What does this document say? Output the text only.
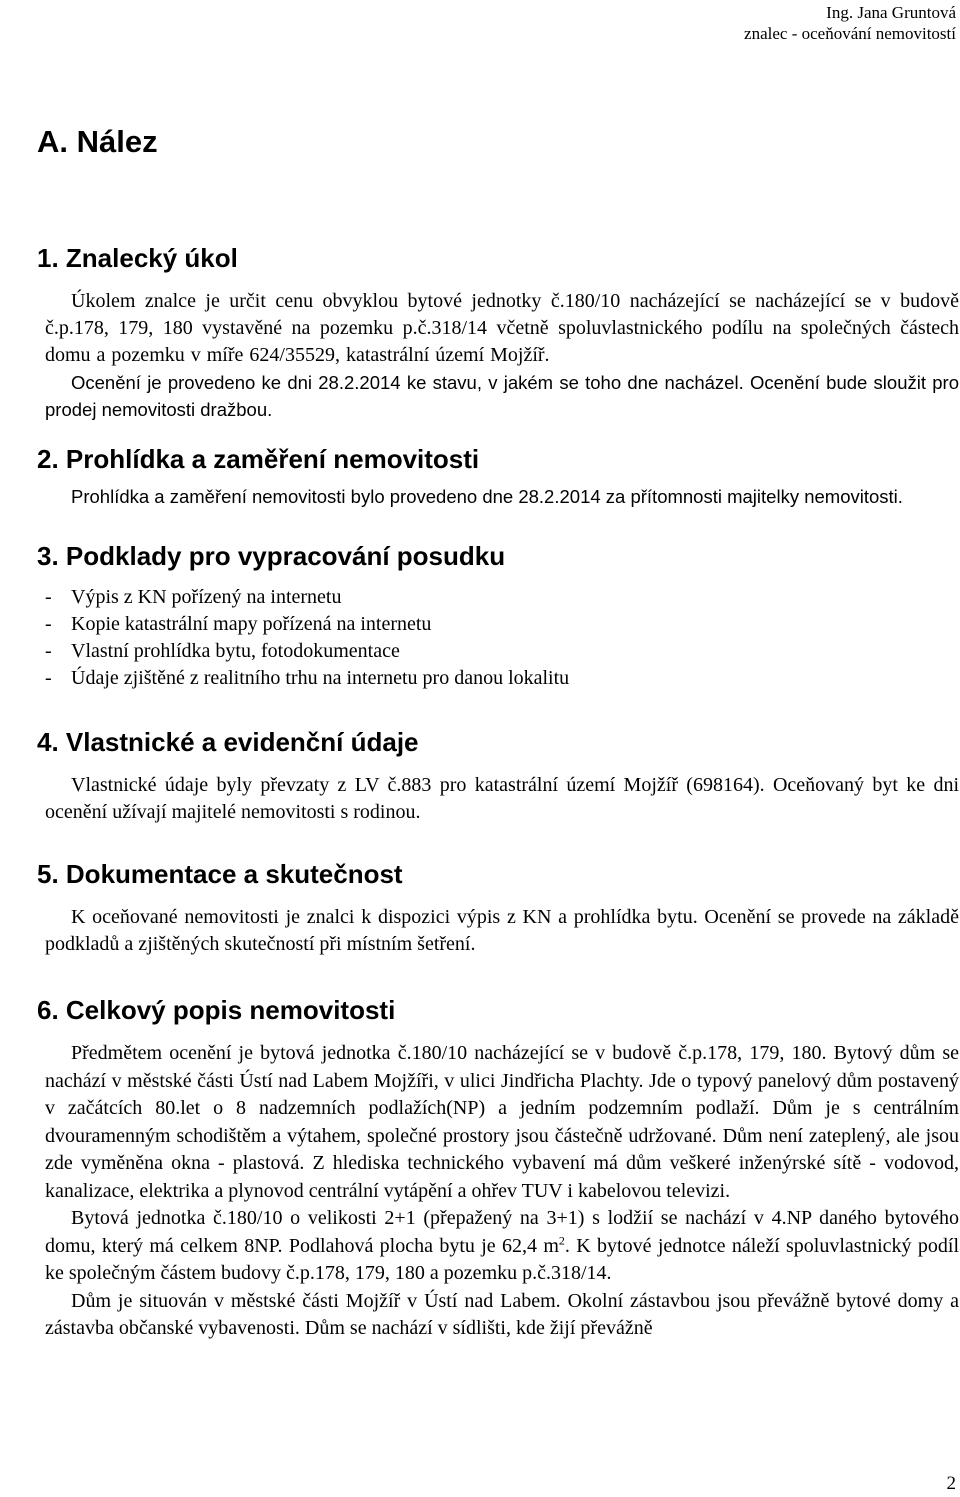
Ing. Jana Gruntová
znalec - oceňování nemovitostí
A. Nález
1. Znalecký úkol

Úkolem znalce je určit cenu obvyklou bytové jednotky č.180/10 nacházející se nacházející se v budově č.p.178, 179, 180 vystavěné na pozemku p.č.318/14 včetně spoluvlastnického podílu na společných částech domu a pozemku v míře 624/35529, katastrální území Mojžíř.

Ocenění je provedeno ke dni 28.2.2014 ke stavu, v jakém se toho dne nacházel. Ocenění bude sloužit pro prodej nemovitosti dražbou.

2. Prohlídka a zaměření nemovitosti

Prohlídka a zaměření nemovitosti bylo provedeno dne 28.2.2014 za přítomnosti majitelky nemovitosti.

3. Podklady pro vypracování posudku
- Výpis z KN pořízený na internetu
- Kopie katastrální mapy pořízená na internetu
- Vlastní prohlídka bytu, fotodokumentace
- Údaje zjištěné z realitního trhu na internetu pro danou lokalitu
4. Vlastnické a evidenční údaje

Vlastnické údaje byly převzaty z LV č.883 pro katastrální území Mojžíř (698164). Oceňovaný byt ke dni ocenění užívají majitelé nemovitosti s rodinou.

5. Dokumentace a skutečnost

K oceňované nemovitosti je znalci k dispozici výpis z KN a prohlídka bytu. Ocenění se provede na základě podkladů a zjištěných skutečností při místním šetření.

6. Celkový popis nemovitosti

Předmětem ocenění je bytová jednotka č.180/10 nacházející se v budově č.p.178, 179, 180. Bytový dům se nachází v městské části Ústí nad Labem Mojžíři, v ulici Jindřicha Plachty. Jde o typový panelový dům postavený v začátcích 80.let o 8 nadzemních podlažích(NP) a jedním podzemním podlaží. Dům je s centrálním dvouramenným schodištěm a výtahem, společné prostory jsou částečně udržované. Dům není zateplený, ale jsou zde vyměněna okna - plastová. Z hlediska technického vybavení má dům veškeré inženýrské sítě - vodovod, kanalizace, elektrika a plynovod centrální vytápění a ohřev TUV i kabelovou televizi.

Bytová jednotka č.180/10 o velikosti 2+1 (přepažený na 3+1) s lodžií se nachází v 4.NP daného bytového domu, který má celkem 8NP. Podlahová plocha bytu je 62,4 $m^2$. K bytové jednotce náleží spoluvlastnický podíl ke společným částem budovy č.p.178, 179, 180 a pozemku p.č.318/14.

Dům je situován v městské části Mojžíř v Ústí nad Labem. Okolní zástavbou jsou převážně bytové domy a zástavba občanské vybavenosti. Dům se nachází v sídlišti, kde žijí převážně

2
